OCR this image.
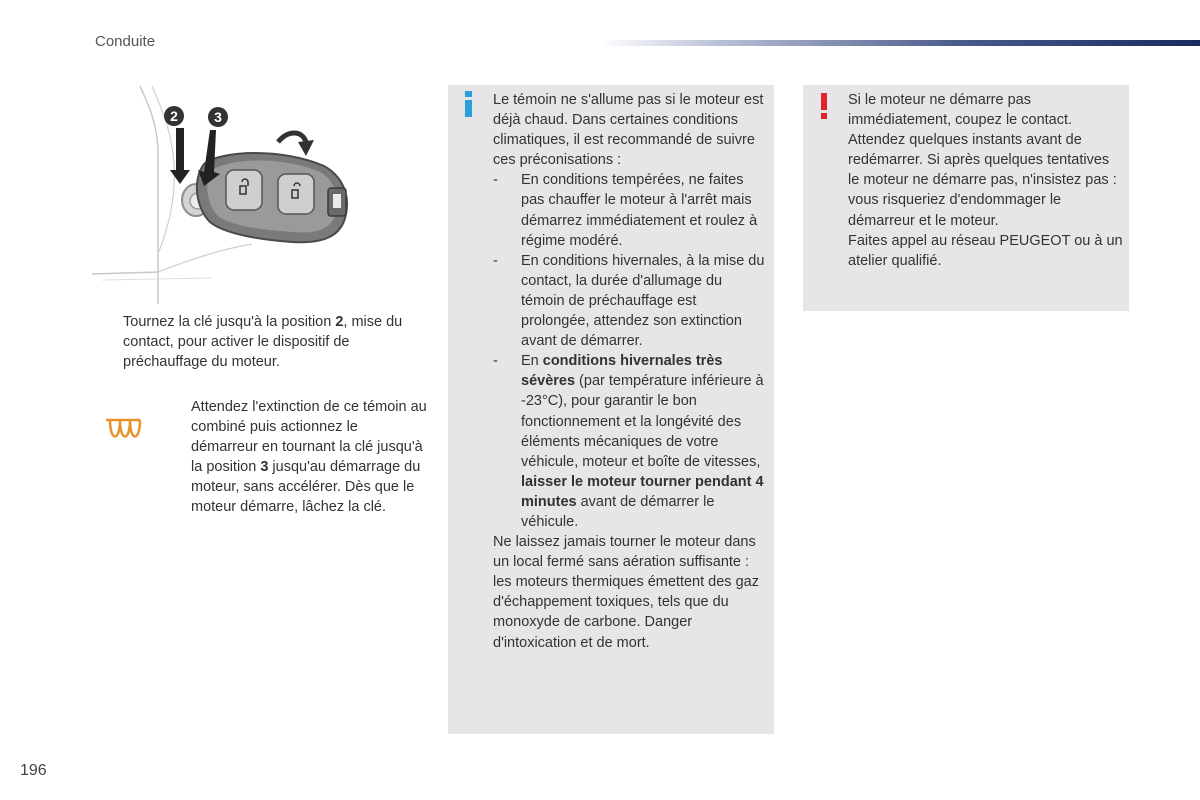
Conduite
2	3
Tournez la clé jusqu'à la position 2, mise du contact, pour activer le dispositif de préchauffage du moteur.
Attendez l'extinction de ce témoin au combiné puis actionnez le démarreur en tournant la clé jusqu'à la position 3 jusqu'au démarrage du moteur, sans accélérer. Dès que le moteur démarre, lâchez la clé.

Le témoin ne s'allume pas si le moteur est déjà chaud. Dans certaines conditions climatiques, il est recommandé de suivre ces préconisations :

- En conditions tempérées, ne faites pas chauffer le moteur à l'arrêt mais démarrez immédiatement et roulez à régime modéré.

- En conditions hivernales, à la mise du contact, la durée d'allumage du témoin de préchauffage est prolongée, attendez son extinction avant de démarrer.

- En conditions hivernales très sévères (par température inférieure à -23°C), pour garantir le bon fonctionnement et la longévité des éléments mécaniques de votre véhicule, moteur et boîte de vitesses, laisser le moteur tourner pendant 4 minutes avant de démarrer le véhicule.

Ne laissez jamais tourner le moteur dans un local fermé sans aération suffisante : les moteurs thermiques émettent des gaz d'échappement toxiques, tels que du monoxyde de carbone. Danger d'intoxication et de mort.

Si le moteur ne démarre pas immédiatement, coupez le contact. Attendez quelques instants avant de redémarrer. Si après quelques tentatives le moteur ne démarre pas, n'insistez pas : vous risqueriez d'endommager le démarreur et le moteur.

Faites appel au réseau PEUGEOT ou à un atelier qualifié.

196
